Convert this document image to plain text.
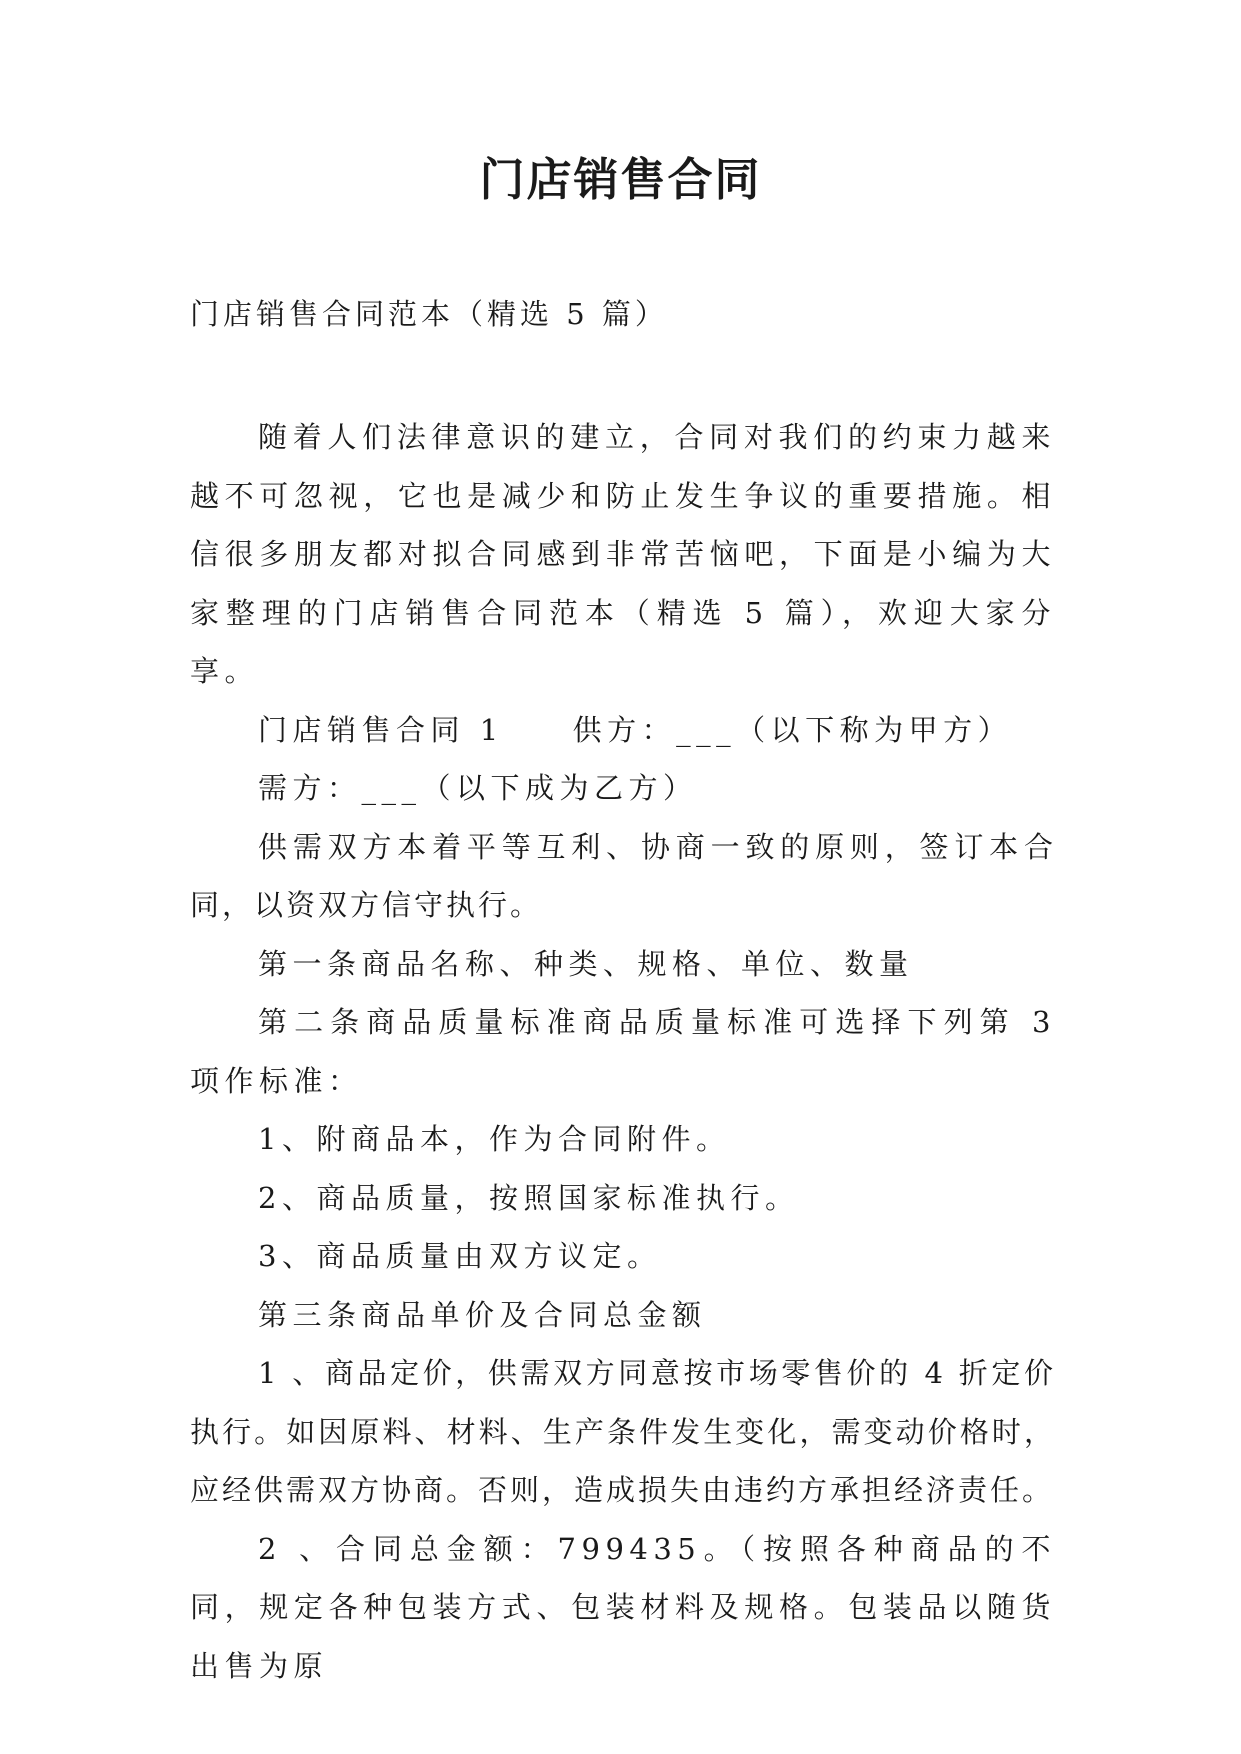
门店销售合同

门店销售合同范本（精选 5 篇）

随着人们法律意识的建立，合同对我们的约束力越来越不可忽视，它也是减少和防止发生争议的重要措施。相信很多朋友都对拟合同感到非常苦恼吧，下面是小编为大家整理的门店销售合同范本（精选 5 篇），欢迎大家分享。

门店销售合同 1　　供方：___（以下称为甲方）

需方：___（以下成为乙方）

供需双方本着平等互利、协商一致的原则，签订本合同，以资双方信守执行。

第一条商品名称、种类、规格、单位、数量

第二条商品质量标准商品质量标准可选择下列第 3 项作标准：

1、附商品本，作为合同附件。

2、商品质量，按照国家标准执行。

3、商品质量由双方议定。

第三条商品单价及合同总金额

1 、商品定价，供需双方同意按市场零售价的 4 折定价执行。如因原料、材料、生产条件发生变化，需变动价格时，应经供需双方协商。否则，造成损失由违约方承担经济责任。

2 、合同总金额：799435。（按照各种商品的不同，规定各种包装方式、包装材料及规格。包装品以随货出售为原
